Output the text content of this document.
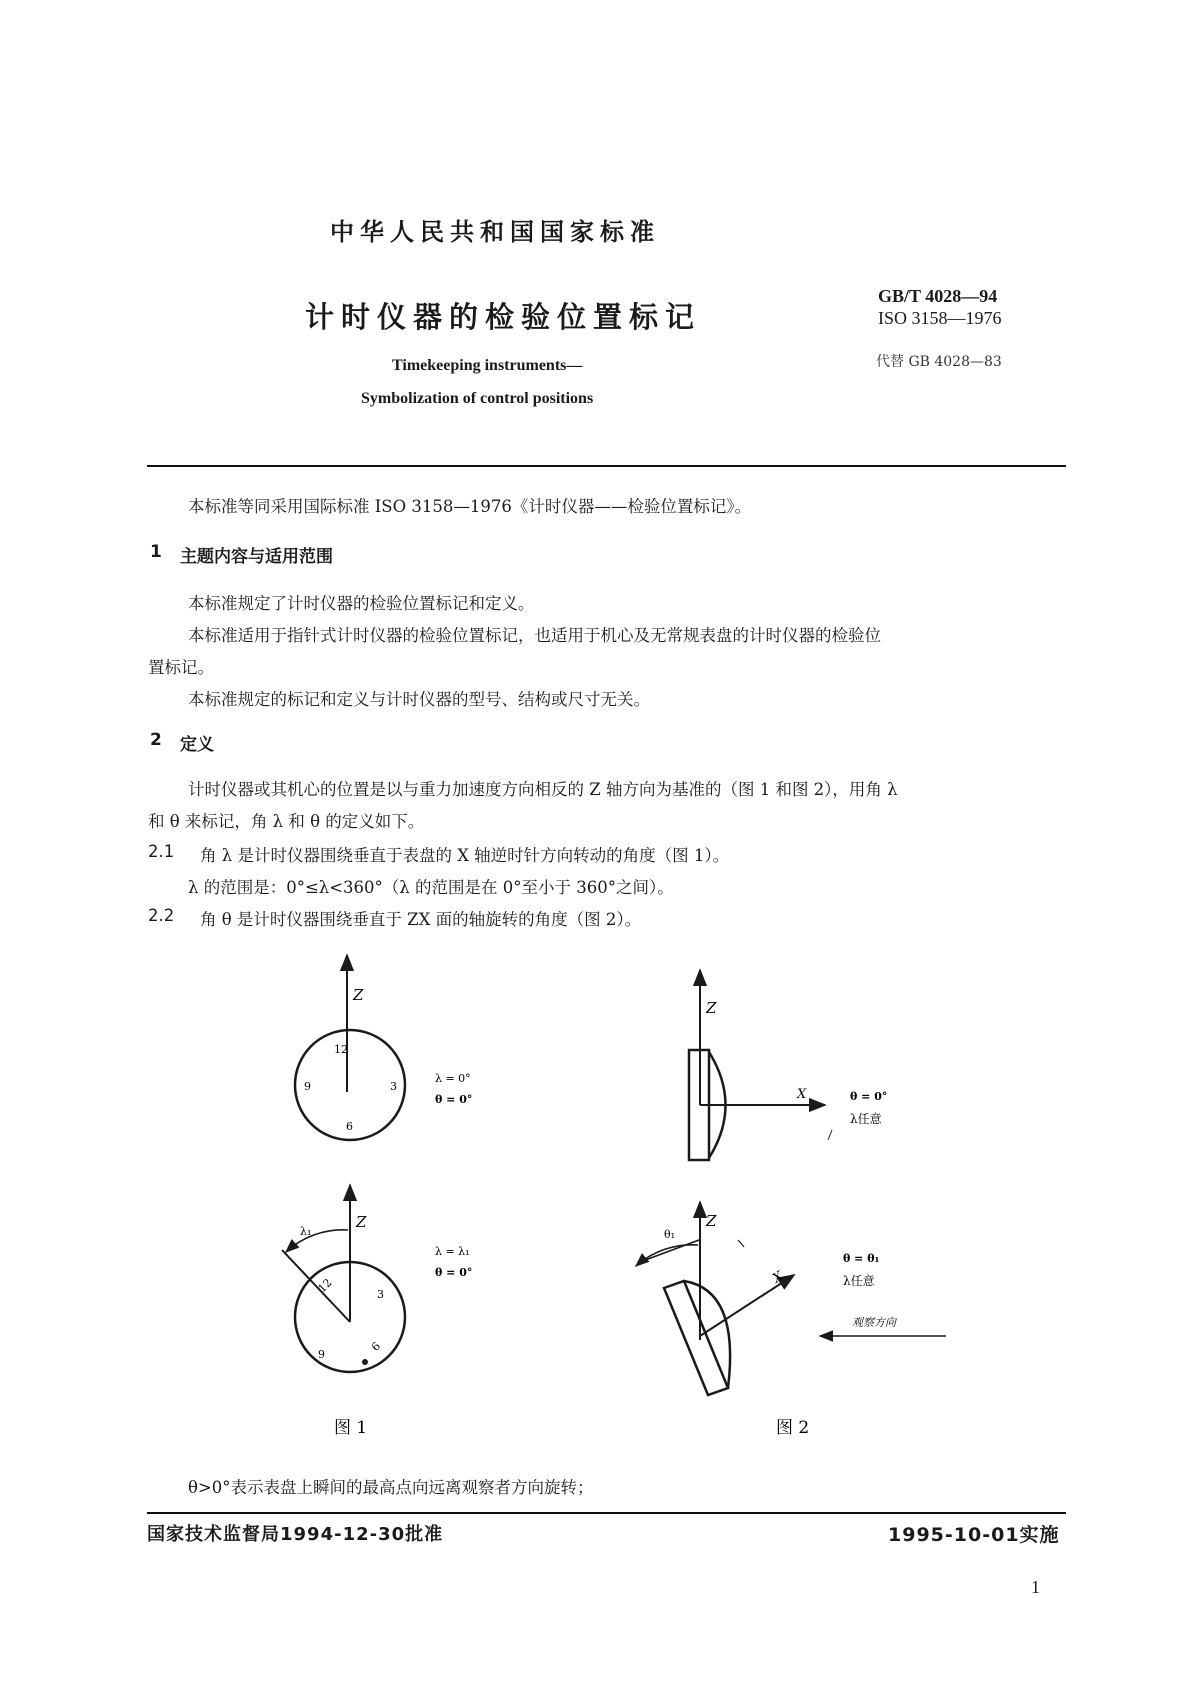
中华人民共和国国家标准
计时仪器的检验位置标记
Timekeeping instruments—
Symbolization of control positions
GB/T 4028—94
ISO 3158—1976
代替 GB 4028—83
本标准等同采用国际标准 ISO 3158—1976《计时仪器——检验位置标记》。
1 主题内容与适用范围
本标准规定了计时仪器的检验位置标记和定义。
本标准适用于指针式计时仪器的检验位置标记，也适用于机心及无常规表盘的计时仪器的检验位
置标记。
本标准规定的标记和定义与计时仪器的型号、结构或尺寸无关。
2 定义
计时仪器或其机心的位置是以与重力加速度方向相反的 Z 轴方向为基准的（图 1 和图 2），用角 λ
和 θ 来标记，角 λ 和 θ 的定义如下。
2.1 角 λ 是计时仪器围绕垂直于表盘的 X 轴逆时针方向转动的角度（图 1）。
λ 的范围是：0°≤λ<360°（λ 的范围是在 0°至小于 360°之间）。
2.2 角 θ 是计时仪器围绕垂直于 ZX 面的轴旋转的角度（图 2）。
Z
12
3
9
6
λ = 0°
θ = 0°
Z
λ₁
12	3
6
9
λ = λ₁
θ = 0°
图 1
Z
X	θ = 0°
λ任意
Z
θ₁
X
θ = θ₁
λ任意
观察方向
图 2
θ>0°表示表盘上瞬间的最高点向远离观察者方向旋转；
国家技术监督局1994-12-30批准	1995-10-01实施
1
